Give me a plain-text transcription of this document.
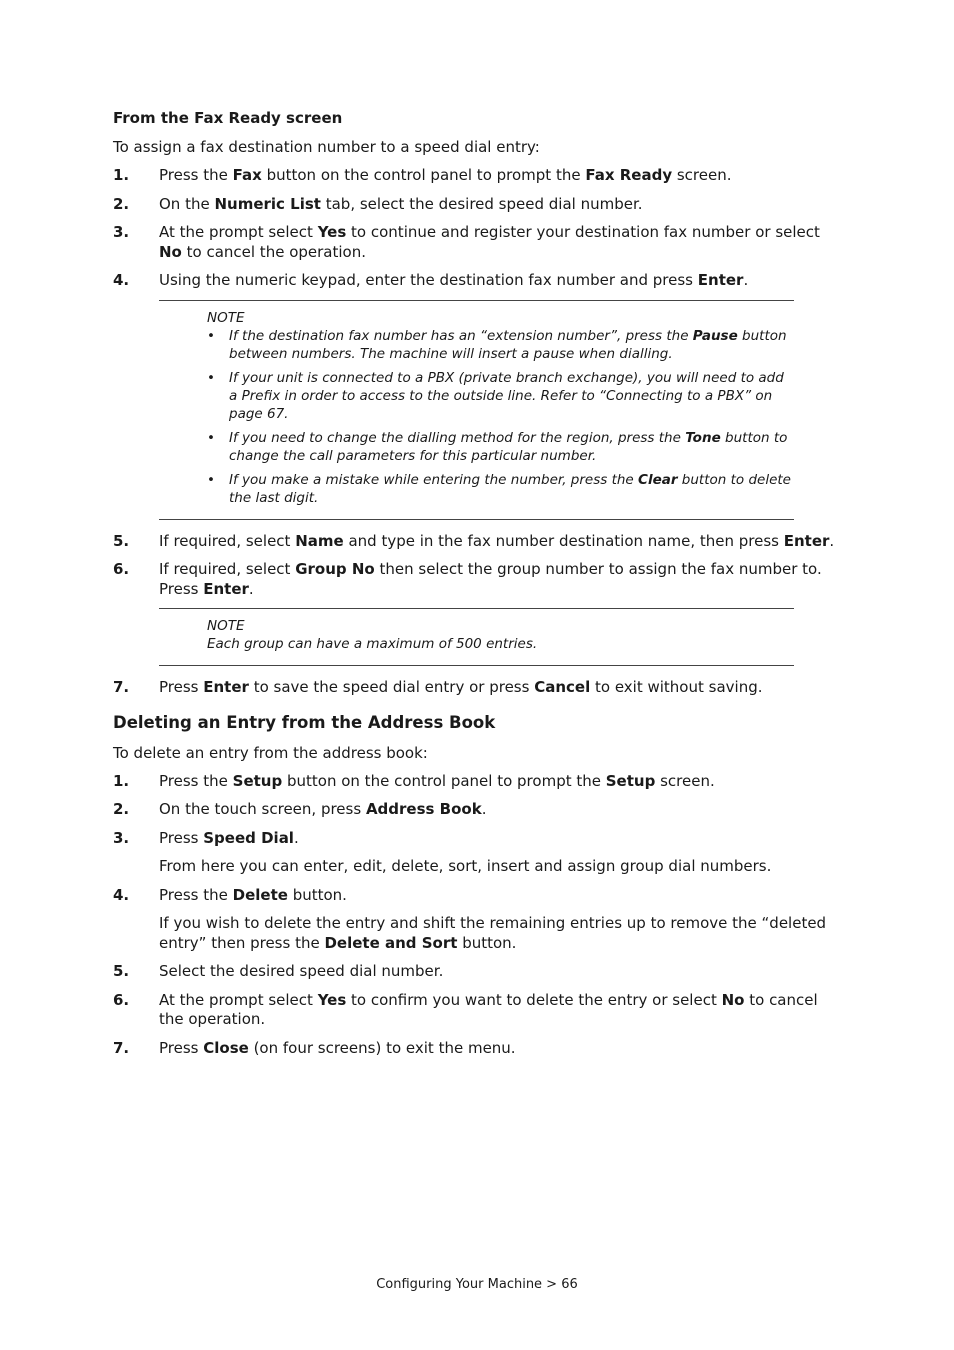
From the Fax Ready screen
To assign a fax destination number to a speed dial entry:
1. Press the Fax button on the control panel to prompt the Fax Ready screen.
2. On the Numeric List tab, select the desired speed dial number.
3. At the prompt select Yes to continue and register your destination fax number or select No to cancel the operation.
4. Using the numeric keypad, enter the destination fax number and press Enter.
NOTE
• If the destination fax number has an “extension number”, press the Pause button between numbers. The machine will insert a pause when dialling.
• If your unit is connected to a PBX (private branch exchange), you will need to add a Prefix in order to access to the outside line. Refer to “Connecting to a PBX” on page 67.
• If you need to change the dialling method for the region, press the Tone button to change the call parameters for this particular number.
• If you make a mistake while entering the number, press the Clear button to delete the last digit.
5. If required, select Name and type in the fax number destination name, then press Enter.
6. If required, select Group No then select the group number to assign the fax number to. Press Enter.
NOTE
Each group can have a maximum of 500 entries.
7. Press Enter to save the speed dial entry or press Cancel to exit without saving.
Deleting an Entry from the Address Book
To delete an entry from the address book:
1. Press the Setup button on the control panel to prompt the Setup screen.
2. On the touch screen, press Address Book.
3. Press Speed Dial.
From here you can enter, edit, delete, sort, insert and assign group dial numbers.
4. Press the Delete button.
If you wish to delete the entry and shift the remaining entries up to remove the “deleted entry” then press the Delete and Sort button.
5. Select the desired speed dial number.
6. At the prompt select Yes to confirm you want to delete the entry or select No to cancel the operation.
7. Press Close (on four screens) to exit the menu.
Configuring Your Machine > 66
